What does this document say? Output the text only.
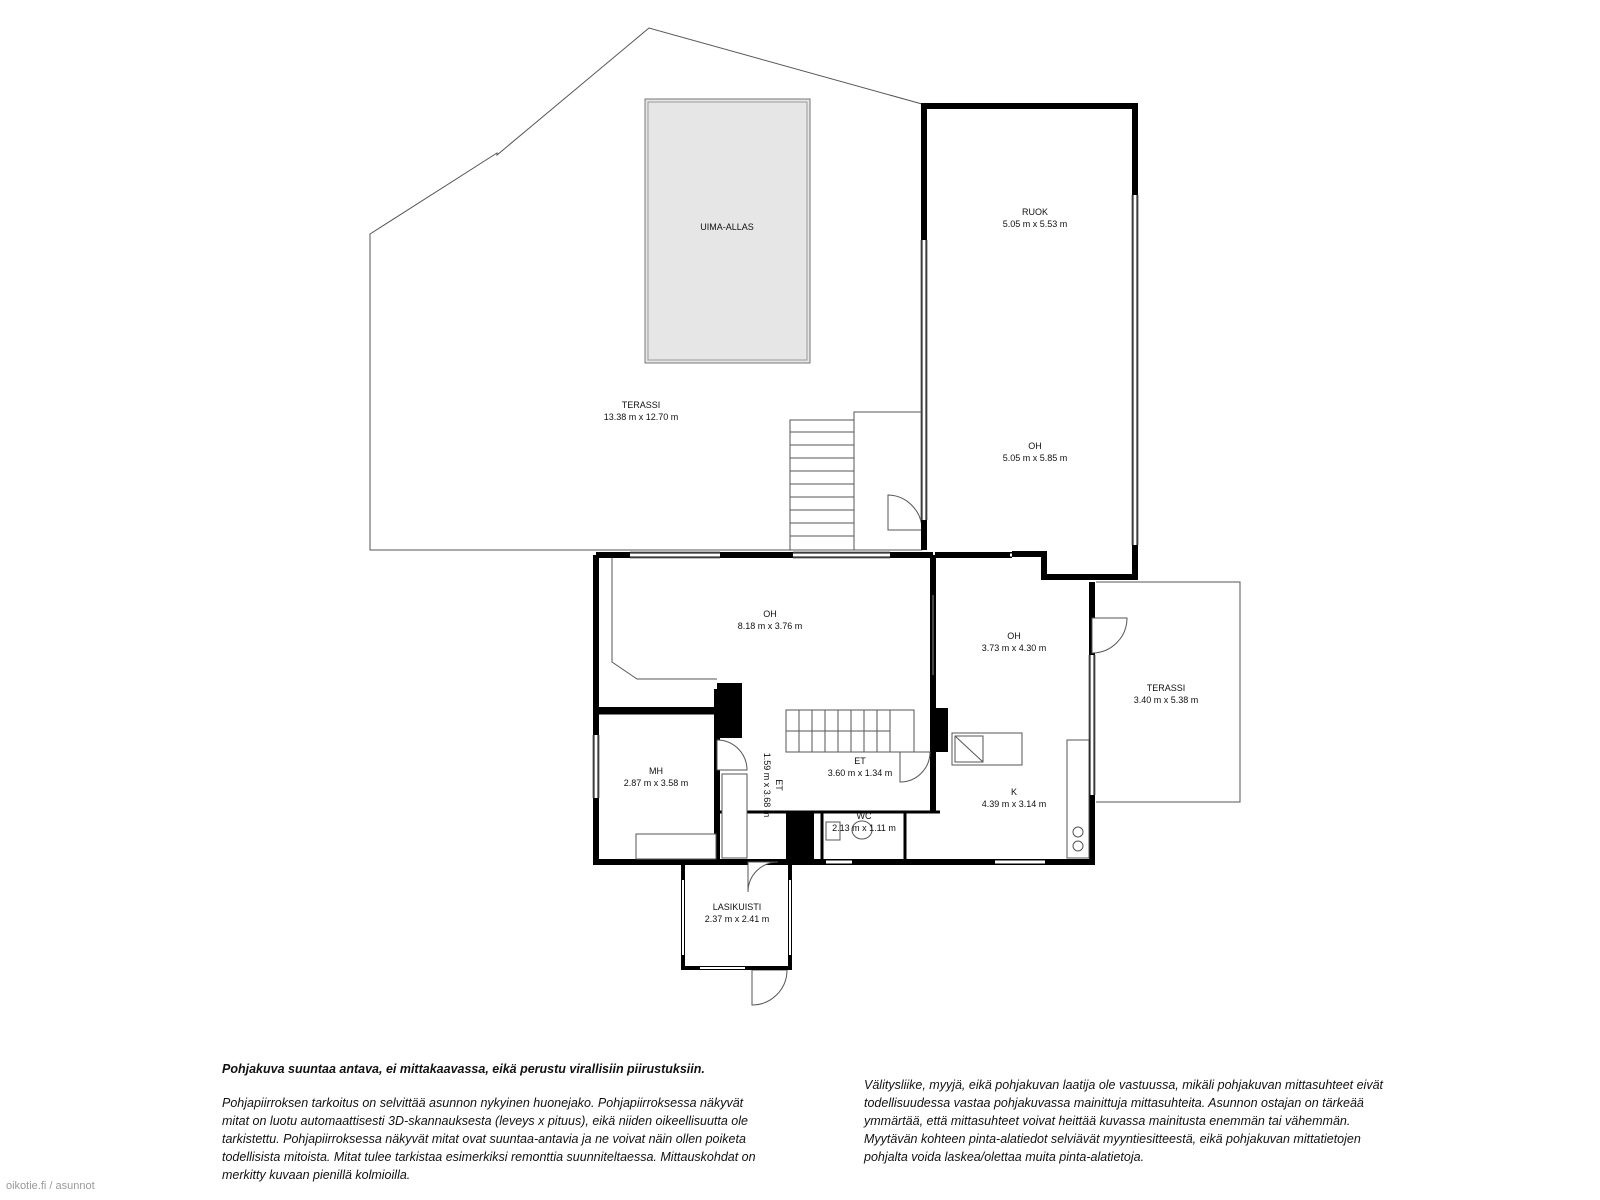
UIMA-ALLAS
TERASSI
13.38 m x 12.70 m
RUOK
5.05 m x 5.53 m
OH
5.05 m x 5.85 m
OH
8.18 m x 3.76 m
OH
3.73 m x 4.30 m
TERASSI
3.40 m x 5.38 m
MH
2.87 m x 3.58 m
ET
3.60 m x 1.34 m
ET
1.59 m x 3.68 m	K
4.39 m x 3.14 m
WC
2.13 m x 1.11 m
LASIKUISTI
2.37 m x 2.41 m
Pohjakuva suuntaa antava, ei mittakaavassa, eikä perustu virallisiin piirustuksiin.
Pohjapiirroksen tarkoitus on selvittää asunnon nykyinen huonejako. Pohjapiirroksessa näkyvät mitat on luotu automaattisesti 3D-skannauksesta (leveys x pituus), eikä niiden oikeellisuutta ole tarkistettu. Pohjapiirroksessa näkyvät mitat ovat suuntaa-antavia ja ne voivat näin ollen poiketa todellisista mitoista. Mitat tulee tarkistaa esimerkiksi remonttia suunniteltaessa. Mittauskohdat on merkitty kuvaan pienillä kolmioilla.
Välitysliike, myyjä, eikä pohjakuvan laatija ole vastuussa, mikäli pohjakuvan mittasuhteet eivät todellisuudessa vastaa pohjakuvassa mainittuja mittasuhteita. Asunnon ostajan on tärkeää ymmärtää, että mittasuhteet voivat heittää kuvassa mainitusta enemmän tai vähemmän. Myytävän kohteen pinta-alatiedot selviävät myyntiesitteestä, eikä pohjakuvan mittatietojen pohjalta voida laskea/olettaa muita pinta-alatietoja.
oikotie.fi / asunnot
